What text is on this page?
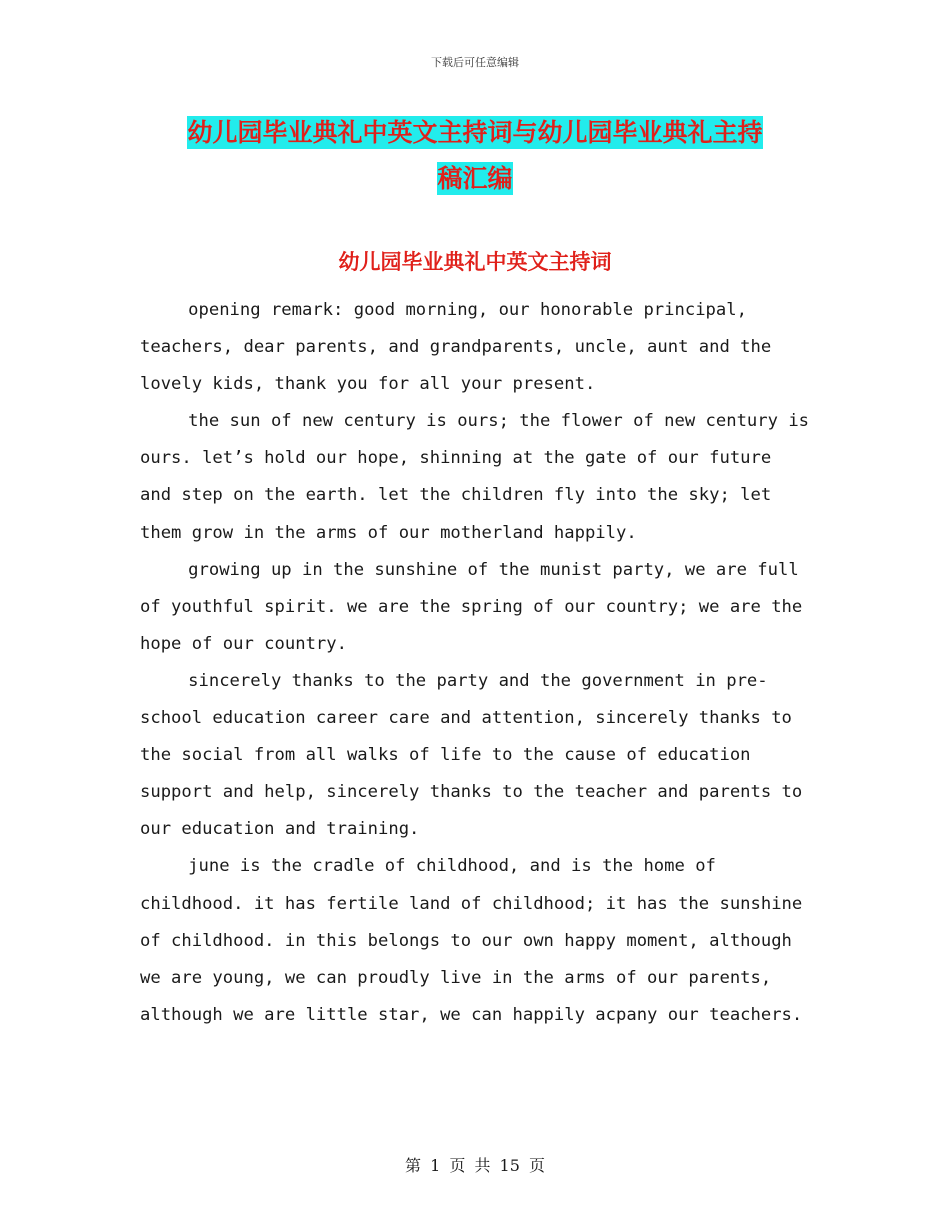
下载后可任意编辑
幼儿园毕业典礼中英文主持词与幼儿园毕业典礼主持
稿汇编
幼儿园毕业典礼中英文主持词

opening remark: good morning, our honorable principal, teachers, dear parents, and grandparents, uncle, aunt and the lovely kids, thank you for all your present.

the sun of new century is ours; the flower of new century is ours. let’s hold our hope, shinning at the gate of our future and step on the earth. let the children fly into the sky; let them grow in the arms of our motherland happily.

growing up in the sunshine of the munist party, we are full of youthful spirit. we are the spring of our country; we are the hope of our country.

sincerely thanks to the party and the government in pre-school education career care and attention, sincerely thanks to the social from all walks of life to the cause of education support and help, sincerely thanks to the teacher and parents to our education and training.

june is the cradle of childhood, and is the home of childhood. it has fertile land of childhood; it has the sunshine of childhood. in this belongs to our own happy moment, although we are young, we can proudly live in the arms of our parents, although we are little star, we can happily acpany our teachers.

第 1 页 共 15 页
